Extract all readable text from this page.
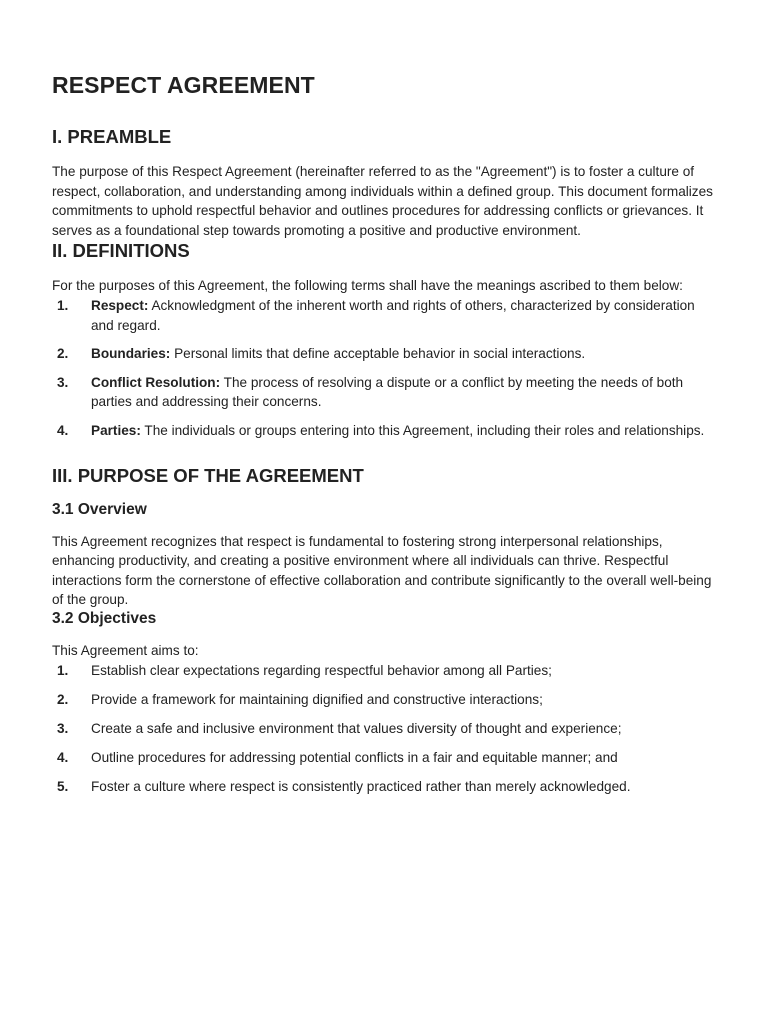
RESPECT AGREEMENT
I. PREAMBLE

The purpose of this Respect Agreement (hereinafter referred to as the "Agreement") is to foster a culture of respect, collaboration, and understanding among individuals within a defined group. This document formalizes commitments to uphold respectful behavior and outlines procedures for addressing conflicts or grievances. It serves as a foundational step towards promoting a positive and productive environment.

II. DEFINITIONS

For the purposes of this Agreement, the following terms shall have the meanings ascribed to them below:

1. Respect: Acknowledgment of the inherent worth and rights of others, characterized by consideration and regard.
2. Boundaries: Personal limits that define acceptable behavior in social interactions.
3. Conflict Resolution: The process of resolving a dispute or a conflict by meeting the needs of both parties and addressing their concerns.
4. Parties: The individuals or groups entering into this Agreement, including their roles and relationships.
III. PURPOSE OF THE AGREEMENT
3.1 Overview

This Agreement recognizes that respect is fundamental to fostering strong interpersonal relationships, enhancing productivity, and creating a positive environment where all individuals can thrive. Respectful interactions form the cornerstone of effective collaboration and contribute significantly to the overall well-being of the group.

3.2 Objectives

This Agreement aims to:

1. Establish clear expectations regarding respectful behavior among all Parties;
2. Provide a framework for maintaining dignified and constructive interactions;
3. Create a safe and inclusive environment that values diversity of thought and experience;
4. Outline procedures for addressing potential conflicts in a fair and equitable manner; and
5. Foster a culture where respect is consistently practiced rather than merely acknowledged.
